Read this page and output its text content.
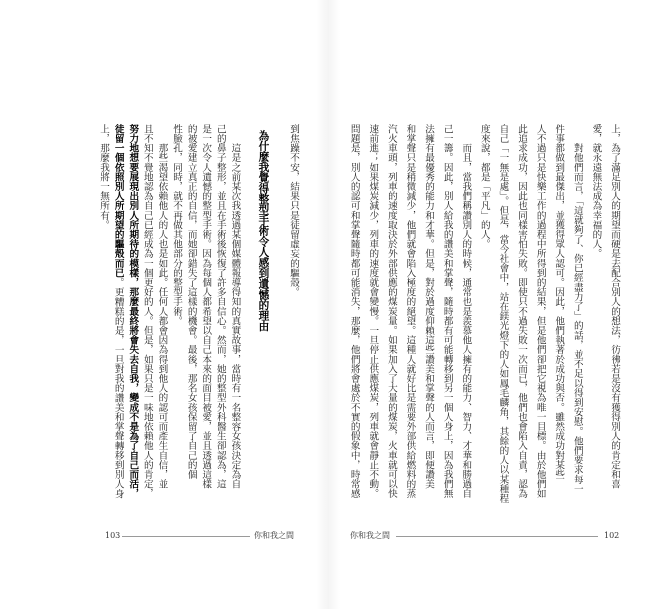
到焦躁不安，結果只是徒留虛妄的驅殼。
為什麼我覺得整型手術令人感到遺憾的理由
　　這是之前某次我透過某個媒體報導得知的真實故事，當時有一名整容女孩決定為自
己的鼻子整形，並且在手術後恢復了許多自信心。然而，她的整型外科醫生卻認為，這
是一次令人遺憾的整型手術。因為每個人都希望以自己本來的面目被愛，並且透過這樣
的被愛建立真正的自信，而她卻錯失了這樣的機會。最後，那名女孩保留了自己的個
性臉孔，同時，就不再做其他部分的整型手術。
　　那些渴望依賴他人的人也是如此。任何人都會因為得到他人的認可而產生自信，並
且不知不覺地認為自己已經成為一個更好的人。但是，如果只是一味地依賴他人的肯定，
努力地想要展現出別人所期待的模樣，那麼最終將會失去自我，變成不是為了自己而活，
徒留一個依照別人所期望的驅殼而已。更糟糕的是，一旦對我的讚美和掌聲轉移到別人身
上，那麼我將一無所有。	上，為了滿足別人的期望而硬是去配合別人的想法，彷彿若是沒有獲得別人的肯定和喜
愛，就永遠無法成為幸福的人。
　　對他們而言，「這就夠了、你已經盡力了」的話，並不足以得到安慰。他們要求每一
件事都做到最傑出，並獲得眾人認可。因此，他們執著於成功與否。雖然成功對某些
人不過只是快樂工作的過程中所得到的結果，但是他們卻把它視為唯一目標。由於他們如
此追求成功，因此也同樣害怕失敗。即使只不過失敗一次而已，他們也會陷入自責，認為
自己「一無是處」。但是，當今社會中，站在鎂光燈下的人如鳳毛麟角，其餘的人以某種程
度來說，都是「平凡」的人。
　　而且，當我們稱讚別人的時候，通常也是羨慕他人擁有的能力、智力、才華和勝過自
己一籌。因此，別人給我的讚美和掌聲，隨時都有可能轉移到另一個人身上，因為我們無
法擁有最優秀的能力和才華。但是，對於過度仰賴這些讚美和掌聲的人而言，即便讚美
和掌聲只是稍微減少，他們就會陷入極度的絕望。這種人就好比是需要外部供給燃料的蒸
汽火車頭，列車的速度取決於外部供應的煤炭量。如果加入了大量的煤炭，火車就可以快
速前進；如果煤炭減少，列車的速度就會變慢。一旦停止供應煤炭，列車就會靜止不動。
問題是，別人的認可和掌聲隨時都可能消失，那麼，他們將會處於不實的假象中，時常感
103	你和我之間	你和我之間	102
